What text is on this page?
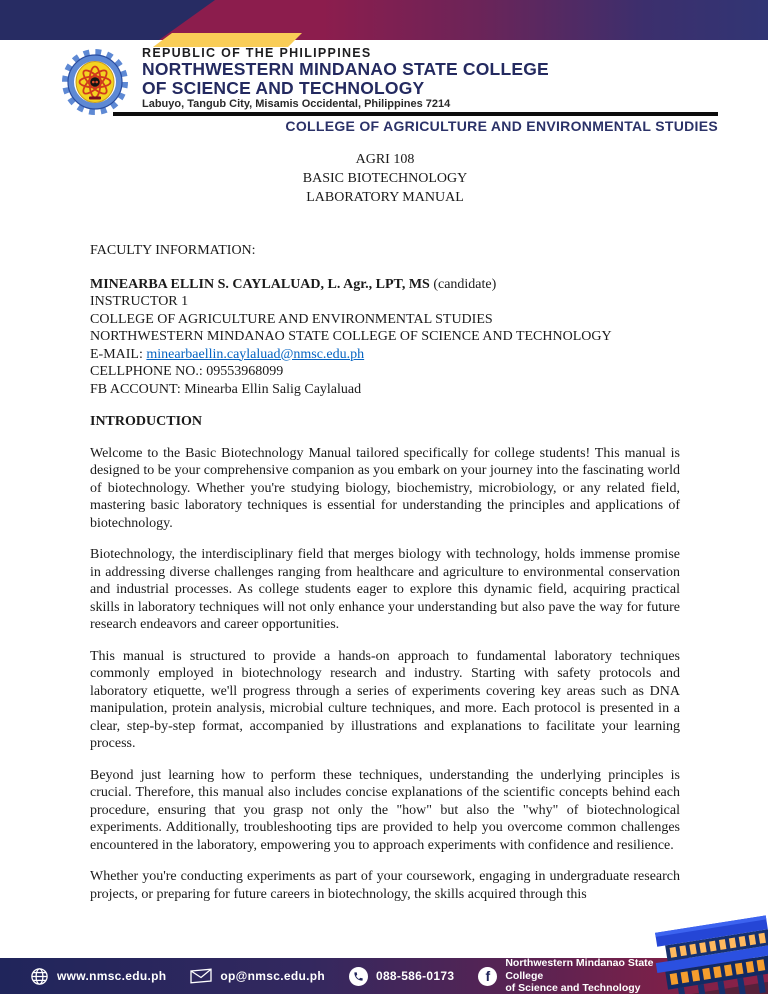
REPUBLIC OF THE PHILIPPINES
NORTHWESTERN MINDANAO STATE COLLEGE
OF SCIENCE AND TECHNOLOGY
Labuyo, Tangub City, Misamis Occidental, Philippines 7214
COLLEGE OF AGRICULTURE AND ENVIRONMENTAL STUDIES
AGRI 108
BASIC BIOTECHNOLOGY
LABORATORY MANUAL
FACULTY INFORMATION:
MINEARBA ELLIN S. CAYLALUAD, L. Agr., LPT, MS (candidate)
INSTRUCTOR 1
COLLEGE OF AGRICULTURE AND ENVIRONMENTAL STUDIES
NORTHWESTERN MINDANAO STATE COLLEGE OF SCIENCE AND TECHNOLOGY
E-MAIL: minearbaellin.caylaluad@nmsc.edu.ph
CELLPHONE NO.: 09553968099
FB ACCOUNT: Minearba Ellin Salig Caylaluad
INTRODUCTION

Welcome to the Basic Biotechnology Manual tailored specifically for college students! This manual is designed to be your comprehensive companion as you embark on your journey into the fascinating world of biotechnology. Whether you're studying biology, biochemistry, microbiology, or any related field, mastering basic laboratory techniques is essential for understanding the principles and applications of biotechnology.

Biotechnology, the interdisciplinary field that merges biology with technology, holds immense promise in addressing diverse challenges ranging from healthcare and agriculture to environmental conservation and industrial processes. As college students eager to explore this dynamic field, acquiring practical skills in laboratory techniques will not only enhance your understanding but also pave the way for future research endeavors and career opportunities.

This manual is structured to provide a hands-on approach to fundamental laboratory techniques commonly employed in biotechnology research and industry. Starting with safety protocols and laboratory etiquette, we'll progress through a series of experiments covering key areas such as DNA manipulation, protein analysis, microbial culture techniques, and more. Each protocol is presented in a clear, step-by-step format, accompanied by illustrations and explanations to facilitate your learning process.

Beyond just learning how to perform these techniques, understanding the underlying principles is crucial. Therefore, this manual also includes concise explanations of the scientific concepts behind each procedure, ensuring that you grasp not only the "how" but also the "why" of biotechnological experiments. Additionally, troubleshooting tips are provided to help you overcome common challenges encountered in the laboratory, empowering you to approach experiments with confidence and resilience.

Whether you're conducting experiments as part of your coursework, engaging in undergraduate research projects, or preparing for future careers in biotechnology, the skills acquired through this

www.nmsc.edu.ph	op@nmsc.edu.ph	088-586-0173 f
Northwestern Mindanao State College
of Science and Technology
